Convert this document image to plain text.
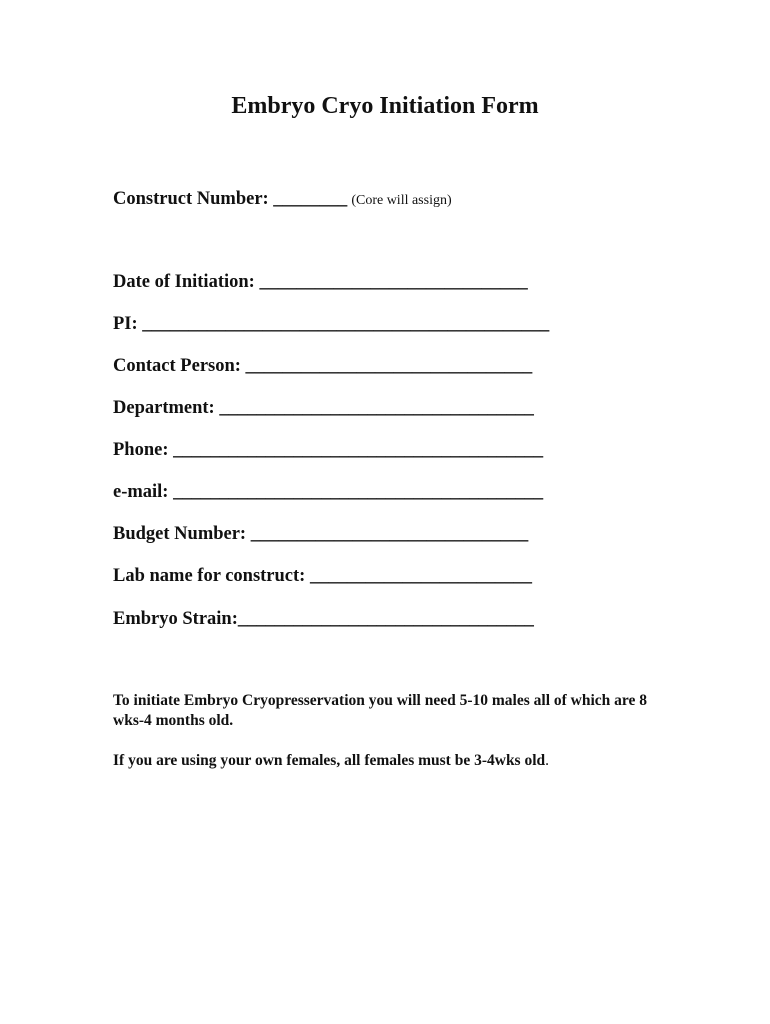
Embryo Cryo Initiation Form
Construct Number: ________ (Core will assign)
Date of Initiation: _____________________________
PI: ____________________________________________
Contact Person: _______________________________
Department: __________________________________
Phone: ________________________________________
e-mail: ________________________________________
Budget Number: ______________________________
Lab name for construct: ________________________
Embryo Strain:________________________________
To initiate Embryo Cryopresservation you will need 5-10 males all of which are 8 wks-4 months old.
If you are using your own females, all females must be 3-4wks old.
